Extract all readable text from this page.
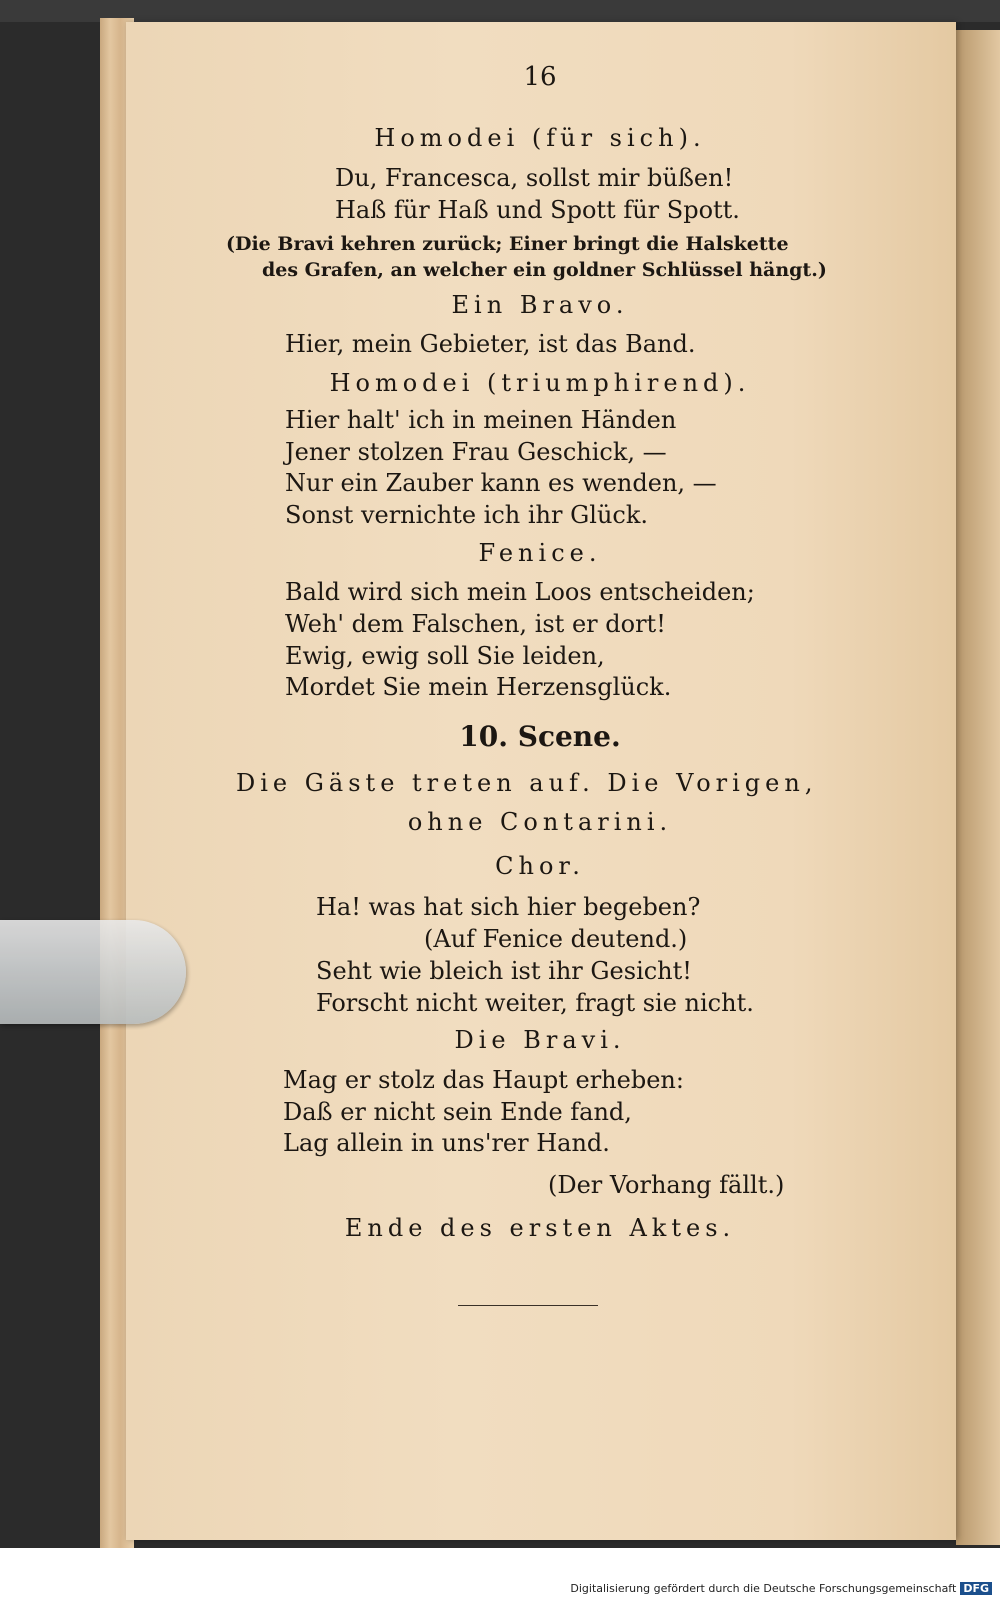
16
Homodei (für sich).
Du, Francesca, sollst mir büßen!
Haß für Haß und Spott für Spott.
(Die Bravi kehren zurück; Einer bringt die Halskette
des Grafen, an welcher ein goldner Schlüssel hängt.)
Ein Bravo.
Hier, mein Gebieter, ist das Band.
Homodei (triumphirend).
Hier halt' ich in meinen Händen
Jener stolzen Frau Geschick, —
Nur ein Zauber kann es wenden, —
Sonst vernichte ich ihr Glück.
Fenice.
Bald wird sich mein Loos entscheiden;
Weh' dem Falschen, ist er dort!
Ewig, ewig soll Sie leiden,
Mordet Sie mein Herzensglück.
10. Scene.
Die Gäste treten auf. Die Vorigen,
ohne Contarini.
Chor.
Ha! was hat sich hier begeben?
(Auf Fenice deutend.)
Seht wie bleich ist ihr Gesicht!
Forscht nicht weiter, fragt sie nicht.
Die Bravi.
Mag er stolz das Haupt erheben:
Daß er nicht sein Ende fand,
Lag allein in uns'rer Hand.
(Der Vorhang fällt.)
Ende des ersten Aktes.
Digitalisierung gefördert durch die Deutsche Forschungsgemeinschaft DFG
